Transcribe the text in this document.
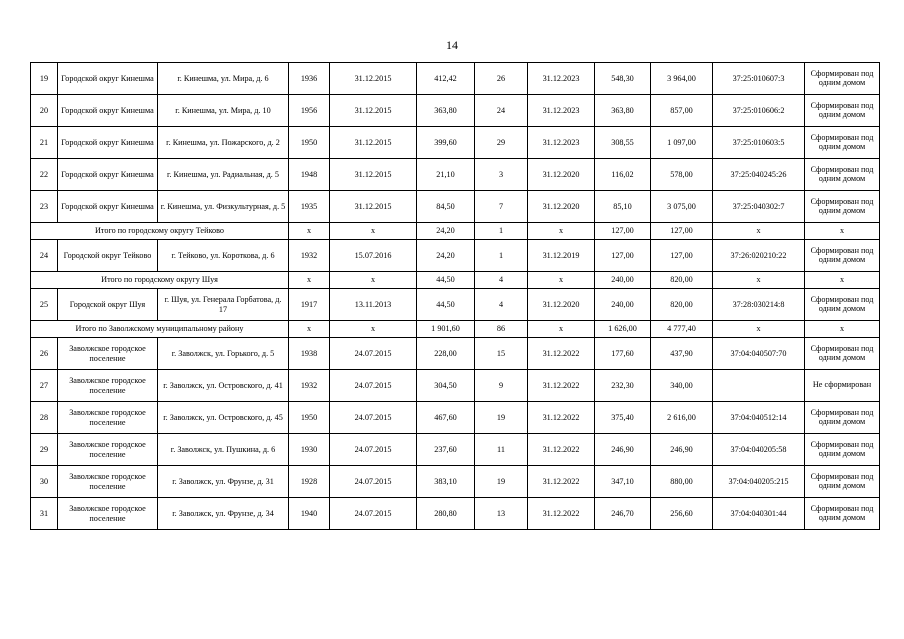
14
19	Городской округ Кинешма	г. Кинешма, ул. Мира, д. 6	1936	31.12.2015	412,42	26	31.12.2023	548,30	3 964,00	37:25:010607:3	Сформирован под одним домом
20	Городской округ Кинешма	г. Кинешма, ул. Мира, д. 10	1956	31.12.2015	363,80	24	31.12.2023	363,80	857,00	37:25:010606:2	Сформирован под одним домом
21	Городской округ Кинешма	г. Кинешма, ул. Пожарского, д. 2	1950	31.12.2015	399,60	29	31.12.2023	308,55	1 097,00	37:25:010603:5	Сформирован под одним домом
22	Городской округ Кинешма	г. Кинешма, ул. Радиальная, д. 5	1948	31.12.2015	21,10	3	31.12.2020	116,02	578,00	37:25:040245:26	Сформирован под одним домом
23	Городской округ Кинешма	г. Кинешма, ул. Физкультурная, д. 5	1935	31.12.2015	84,50	7	31.12.2020	85,10	3 075,00	37:25:040302:7	Сформирован под одним домом
Итого по городскому округу Тейково			х	х	24,20	1	х	127,00	127,00	х	х
24	Городской округ Тейково	г. Тейково, ул. Короткова, д. 6	1932	15.07.2016	24,20	1	31.12.2019	127,00	127,00	37:26:020210:22	Сформирован под одним домом
Итого по городскому округу Шуя			х	х	44,50	4	х	240,00	820,00	х	х
25	Городской округ Шуя	г. Шуя, ул. Генерала Горбатова, д. 17	1917	13.11.2013	44,50	4	31.12.2020	240,00	820,00	37:28:030214:8	Сформирован под одним домом
Итого по Заволжскому муниципальному району			х	х	1 901,60	86	х	1 626,00	4 777,40	х	х
26	Заволжское городское поселение	г. Заволжск, ул. Горького, д. 5	1938	24.07.2015	228,00	15	31.12.2022	177,60	437,90	37:04:040507:70	Сформирован под одним домом
27	Заволжское городское поселение	г. Заволжск, ул. Островского, д. 41	1932	24.07.2015	304,50	9	31.12.2022	232,30	340,00		Не сформирован
28	Заволжское городское поселение	г. Заволжск, ул. Островского, д. 45	1950	24.07.2015	467,60	19	31.12.2022	375,40	2 616,00	37:04:040512:14	Сформирован под одним домом
29	Заволжское городское поселение	г. Заволжск, ул. Пушкина, д. 6	1930	24.07.2015	237,60	11	31.12.2022	246,90	246,90	37:04:040205:58	Сформирован под одним домом
30	Заволжское городское поселение	г. Заволжск, ул. Фрунзе, д. 31	1928	24.07.2015	383,10	19	31.12.2022	347,10	880,00	37:04:040205:215	Сформирован под одним домом
31	Заволжское городское поселение	г. Заволжск, ул. Фрунзе, д. 34	1940	24.07.2015	280,80	13	31.12.2022	246,70	256,60	37:04:040301:44	Сформирован под одним домом
